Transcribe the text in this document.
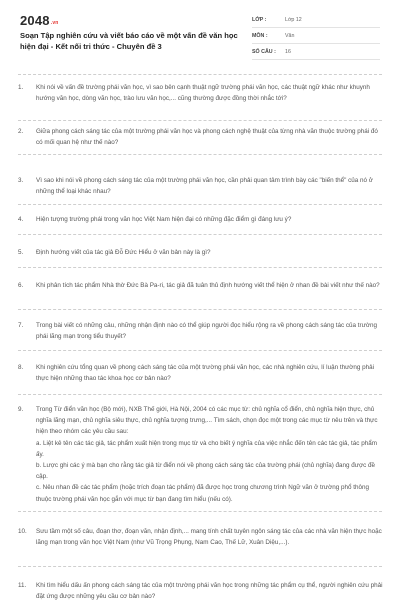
2048.vn
Soạn Tập nghiên cứu và viết báo cáo về một vấn đề văn học hiện đại - Kết nối tri thức - Chuyên đề 3
LỚP :	Lớp 12
MÔN :	Văn
SỐ CÂU : 16
1. Khi nói về vấn đề trường phái văn học, vì sao bên cạnh thuật ngữ trường phái văn học, các thuật ngữ khác như khuynh hướng văn học, dòng văn học, trào lưu văn học,... cũng thường được đồng thời nhắc tới?
2. Giữa phong cách sáng tác của một trường phái văn học và phong cách nghệ thuật của từng nhà văn thuộc trường phái đó có mối quan hệ như thế nào?
3. Vì sao khi nói về phong cách sáng tác của một trường phái văn học, cần phải quan tâm trình bày các "biến thể" của nó ở những thể loại khác nhau?
4. Hiện tượng trường phái trong văn học Việt Nam hiện đại có những đặc điểm gì đáng lưu ý?
5. Định hướng viết của tác giả Đỗ Đức Hiểu ở văn bản này là gì?
6. Khi phân tích tác phẩm Nhà thờ Đức Bà Pa-ri, tác giả đã tuân thủ định hướng viết thể hiện ở nhan đề bài viết như thế nào?
7. Trong bài viết có những câu, những nhận định nào có thể giúp người đọc hiểu rộng ra về phong cách sáng tác của trường phái lãng mạn trong tiểu thuyết?
8. Khi nghiên cứu tổng quan về phong cách sáng tác của một trường phái văn học, các nhà nghiên cứu, lí luận thường phải thực hiện những thao tác khoa học cơ bản nào?
9. Trong Từ điển văn học (Bộ mới), NXB Thế giới, Hà Nội, 2004 có các mục từ: chủ nghĩa cổ điển, chủ nghĩa hiện thực, chủ nghĩa lãng mạn, chủ nghĩa siêu thực, chủ nghĩa tượng trưng,... Tìm sách, chọn đọc một trong các mục từ nêu trên và thực hiện theo nhóm các yêu cầu sau:
a. Liệt kê tên các tác giả, tác phẩm xuất hiện trong mục từ và cho biết ý nghĩa của việc nhắc đến tên các tác giả, tác phẩm ấy.
b. Lược ghi các ý mà bạn cho rằng tác giả từ điển nói về phong cách sáng tác của trường phái (chủ nghĩa) đang được đề cập.
c. Nêu nhan đề các tác phẩm (hoặc trích đoạn tác phẩm) đã được học trong chương trình Ngữ văn ở trường phổ thông thuộc trường phái văn học gắn với mục từ bạn đang tìm hiểu (nếu có).
10. Sưu tầm một số câu, đoạn thơ, đoạn văn, nhận định,... mang tính chất tuyên ngôn sáng tác của các nhà văn hiện thực hoặc lãng mạn trong văn học Việt Nam (như Vũ Trọng Phụng, Nam Cao, Thế Lữ, Xuân Diệu,...).
11. Khi tìm hiểu dấu ấn phong cách sáng tác của một trường phái văn học trong những tác phẩm cụ thể, người nghiên cứu phải đặt ứng được những yêu cầu cơ bản nào?
